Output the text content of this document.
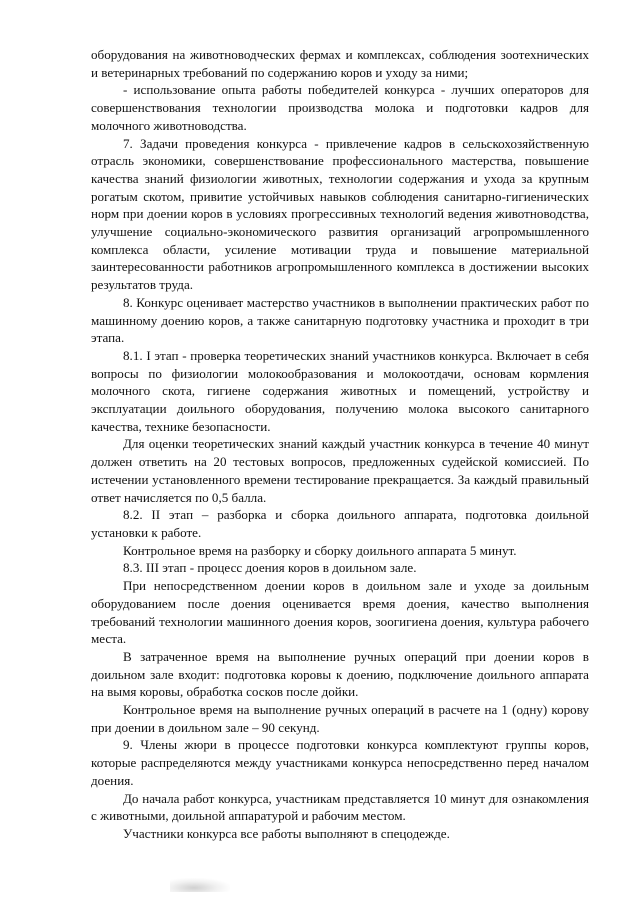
оборудования на животноводческих фермах и комплексах, соблюдения зоотехнических и ветеринарных требований по содержанию коров и уходу за ними;

- использование опыта работы победителей конкурса - лучших операторов для совершенствования технологии производства молока и подготовки кадров для молочного животноводства.

7. Задачи проведения конкурса - привлечение кадров в сельскохозяйственную отрасль экономики, совершенствование профессионального мастерства, повышение качества знаний физиологии животных, технологии содержания и ухода за крупным рогатым скотом, привитие устойчивых навыков соблюдения санитарно-гигиенических норм при доении коров в условиях прогрессивных технологий ведения животноводства, улучшение социально-экономического развития организаций агропромышленного комплекса области, усиление мотивации труда и повышение материальной заинтересованности работников агропромышленного комплекса в достижении высоких результатов труда.

8. Конкурс оценивает мастерство участников в выполнении практических работ по машинному доению коров, а также санитарную подготовку участника и проходит в три этапа.

8.1. I этап - проверка теоретических знаний участников конкурса. Включает в себя вопросы по физиологии молокообразования и молокоотдачи, основам кормления молочного скота, гигиене содержания животных и помещений, устройству и эксплуатации доильного оборудования, получению молока высокого санитарного качества, технике безопасности.

Для оценки теоретических знаний каждый участник конкурса в течение 40 минут должен ответить на 20 тестовых вопросов, предложенных судейской комиссией. По истечении установленного времени тестирование прекращается. За каждый правильный ответ начисляется по 0,5 балла.

8.2. II этап – разборка и сборка доильного аппарата, подготовка доильной установки к работе.

Контрольное время на разборку и сборку доильного аппарата 5 минут.

8.3. III этап - процесс доения коров в доильном зале.

При непосредственном доении коров в доильном зале и уходе за доильным оборудованием после доения оценивается время доения, качество выполнения требований технологии машинного доения коров, зоогигиена доения, культура рабочего места.

В затраченное время на выполнение ручных операций при доении коров в доильном зале входит: подготовка коровы к доению, подключение доильного аппарата на вымя коровы, обработка сосков после дойки.

Контрольное время на выполнение ручных операций в расчете на 1 (одну) корову при доении в доильном зале – 90 секунд.

9. Члены жюри в процессе подготовки конкурса комплектуют группы коров, которые распределяются между участниками конкурса непосредственно перед началом доения.

До начала работ конкурса, участникам представляется 10 минут для ознакомления с животными, доильной аппаратурой и рабочим местом.

Участники конкурса все работы выполняют в спецодежде.
